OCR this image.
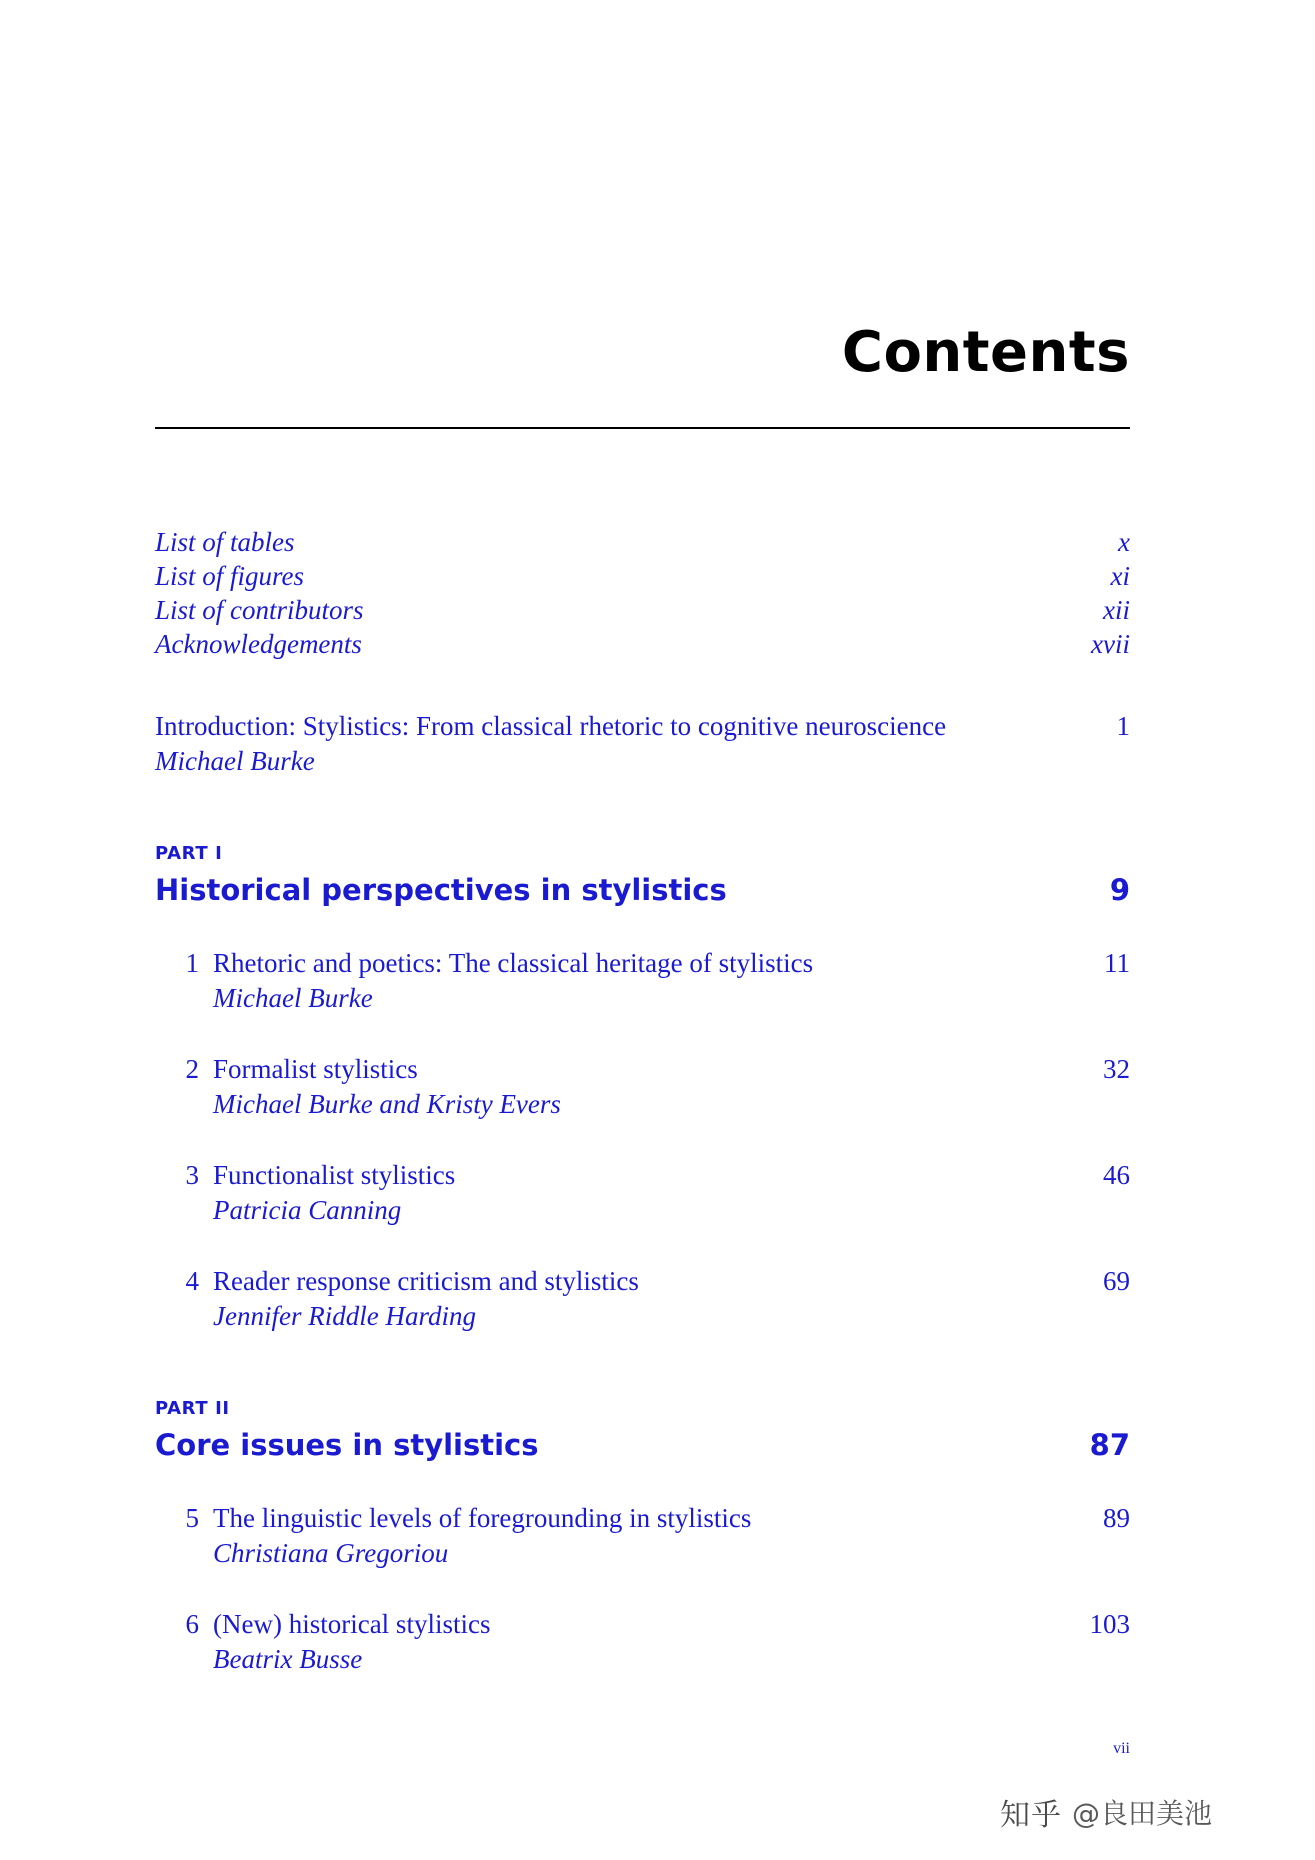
Contents
List of tables	x
List of figures	xi
List of contributors	xii
Acknowledgements	xvii
Introduction: Stylistics: From classical rhetoric to cognitive neuroscience	1
Michael Burke
PART I
Historical perspectives in stylistics	9
1 Rhetoric and poetics: The classical heritage of stylistics	11
Michael Burke
2 Formalist stylistics	32
Michael Burke and Kristy Evers
3 Functionalist stylistics	46
Patricia Canning
4 Reader response criticism and stylistics	69
Jennifer Riddle Harding
PART II
Core issues in stylistics	87
5 The linguistic levels of foregrounding in stylistics	89
Christiana Gregoriou
6 (New) historical stylistics	103
Beatrix Busse
vii
知乎 @良田美池
